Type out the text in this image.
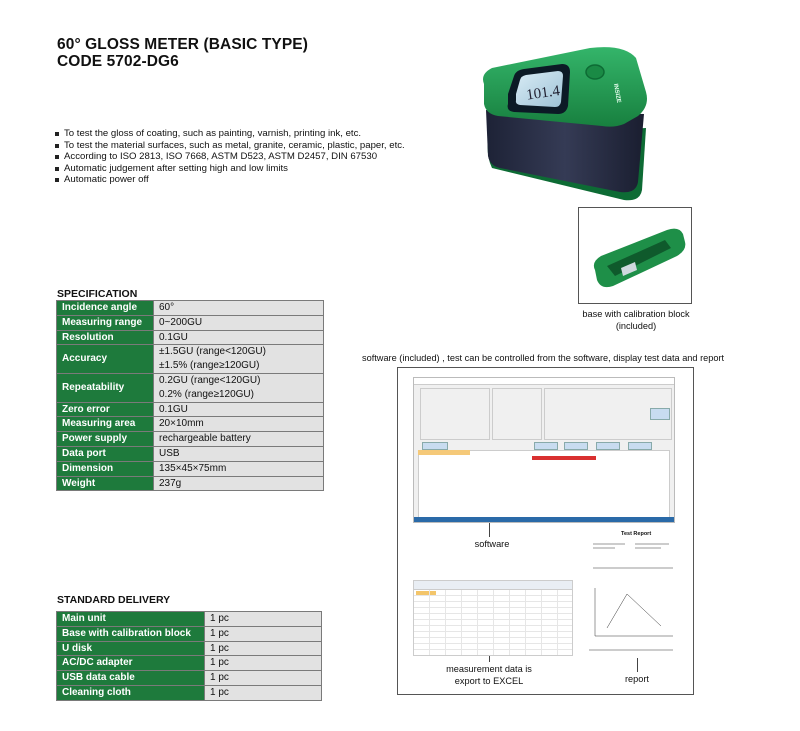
60° GLOSS METER (BASIC TYPE)
CODE 5702-DG6
To test the gloss of coating, such as painting, varnish, printing ink, etc.
To test the material surfaces, such as metal, granite, ceramic, plastic, paper, etc.
According to ISO 2813, ISO 7668, ASTM D523, ASTM D2457, DIN 67530
Automatic judgement after setting high and low limits
Automatic power off
101.4	INSIZE
base with calibration block
(included)
SPECIFICATION
Incidence angle	60°
Measuring range	0~200GU
Resolution	0.1GU
Accuracy	±1.5GU (range<120GU)
±1.5% (range≥120GU)

Repeatability	0.2GU (range<120GU)
0.2% (range≥120GU)

Zero error	0.1GU
Measuring area	20×10mm
Power supply	rechargeable battery
Data port	USB
Dimension	135×45×75mm
Weight	237g
software (included) , test can be controlled from the software, display test data and report
software
measurement data is
export to EXCEL
Test Report
report
STANDARD DELIVERY
Main unit	1 pc
Base with calibration block	1 pc
U disk	1 pc
AC/DC adapter	1 pc
USB data cable	1 pc
Cleaning cloth	1 pc
